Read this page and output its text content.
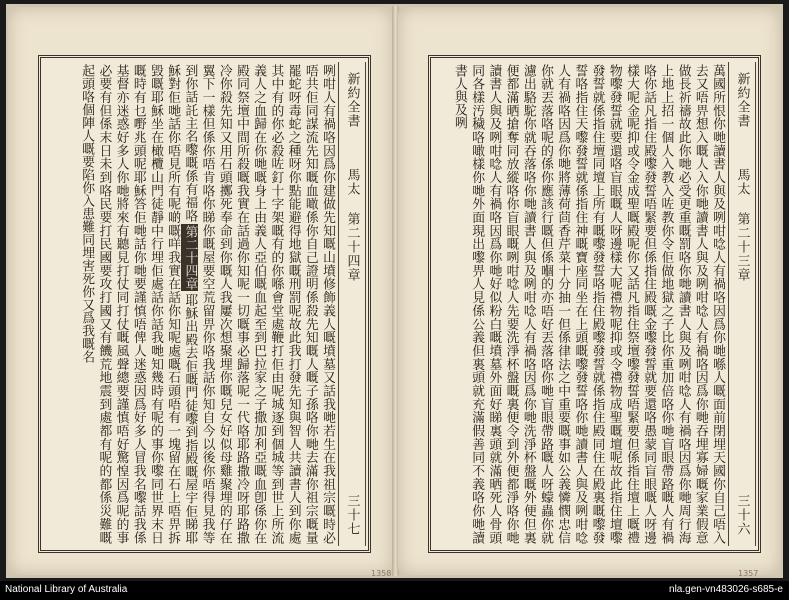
新約全書
馬太
第二十四章
三十七
咧咁人有禍咯因爲你建做先知嘅山墳修飾義人嘅墳墓又話我哋若生在我祖宗嘅時必唔共佢同謀流先知嘅血噉係你自己證明係殺先知嘅人嘅子孫咯你哋去滿你祖宗嘅量罷蛇呀毒蛇之種呀你點能避得地獄嘅刑罰呢故此我打發先知與智人共讀書人到你處其中有的你必殺咗釘十字架嘅有的你喺會堂處鞭打佢由呢城逐到個城等到世上所流義人之血歸在你哋嘅身上由義人亞伯嘅血起至到巴拉家之子撒加利亞嘅血卽係你在殿同祭壇中間所殺嘅我實在話過你知呢一切嘅事必歸落呢一代咯耶路撒冷呀耶路撒冷你殺先知又用石頭擲死奉命到你嘅人我屢次想聚埋你嘅兒女好似母雞聚埋的仔在翼下一樣但係你唔肯咯你睇你嘅屋要空荒留畀你咯我話你知自今以後你唔得見我等到你話託主名嚟嘅係有福咯第二十四章耶穌出殿去佢嘅門徒嚟到指殿嘅屋宇佢睇耶穌對佢哋話你唔見所有呢啲嘅咩我實在話你知呢處嘅石頭唔有一塊留在石上唔畀拆毀嘅耶穌坐在橄欖山門徒靜中行埋佢處話你話我哋知幾時有呢的事你嚟同世界末日嘅時有乜嘢兆頭呢耶穌答佢哋話你哋要謹慎唔俾人迷惑因爲好多人冒我名嚟話我係基督亦迷惑好多人你哋將來有聽見打仗同打仗嘅風聲總要謹慎唔好驚惶因爲呢的事必要有但係末日未到咯民要打民國要攻打國又有饑荒地震到處都有呢的都係災難嘅起頭咯個陣人嘅要陷你入患難同埋害死你又爲我嘅名	新約全書
馬太
第二十三章
三十六
萬國所恨你哋讀書人與及咧咁唸人有禍咯因爲你哋喺人嘅面前閉埋天國你自己唔入去又唔畀想入嘅人入你哋讀書人與及咧咁唸人有禍咯因爲你哋吞埋寡婦嘅家業假意做長祈禱故此你哋必受更重嘅罰咯你哋讀書人與及咧咁唸人有禍咯因爲你哋周行海上地上招一個人入教入咗教你令佢做地獄之子比你重加倍咯你哋盲眼帶路嘅人有禍咯你話凡指住殿嚟發誓唔緊要但係指住殿嘅金嚟發誓就要還咯愚蒙同盲眼嘅人呀邊樣大呢金呢抑或令金成聖嘅殿呢你又話凡指住祭壇嚟發誓唔緊要但係指住壇上嘅禮物嚟發誓就要還咯盲眼嘅人呀邊樣大呢禮物呢抑或令禮物成聖嘅壇呢故此指住壇嚟發誓就係指住壇同壇上所有嘅嚟發誓咯指住殿嚟發誓就係指住殿同住在殿裏嘅嚟發誓咯指住天嚟發誓就係指住神嘅寶座同坐在上頭嘅嚟發誓咯你哋讀書人與及咧咁唸人有禍咯因爲你哋將薄荷茴香芹菜十分抽一但係律法之中重要嘅事如公義憐憫忠信你就丟落咯呢的係你應該行嘅但係嗰的亦唔好丟落咯你哋盲眼帶路嘅人呀蠓蟲你就濾出駱駝你就吞落咯你哋讀書人與及咧咁唸人有禍咯因爲你哋洗淨杯盤嘅外便但裏便都滿晒搶奪同放縱咯你盲眼嘅咧咁唸人先要洗淨杯盤嘅裏便令到外便都淨咯你哋讀書人與及咧咁唸人有禍咯因爲你哋好似粉白嘅墳墓外面好睇裏頭就滿晒死人骨頭同各樣汚穢咯噉樣你哋外面現出嚟畀人見係公義但裏頭就充滿假善同不義咯你哋讀書人與及咧
1358	1357
National Library of Australia	nla.gen-vn483026-s685-e
